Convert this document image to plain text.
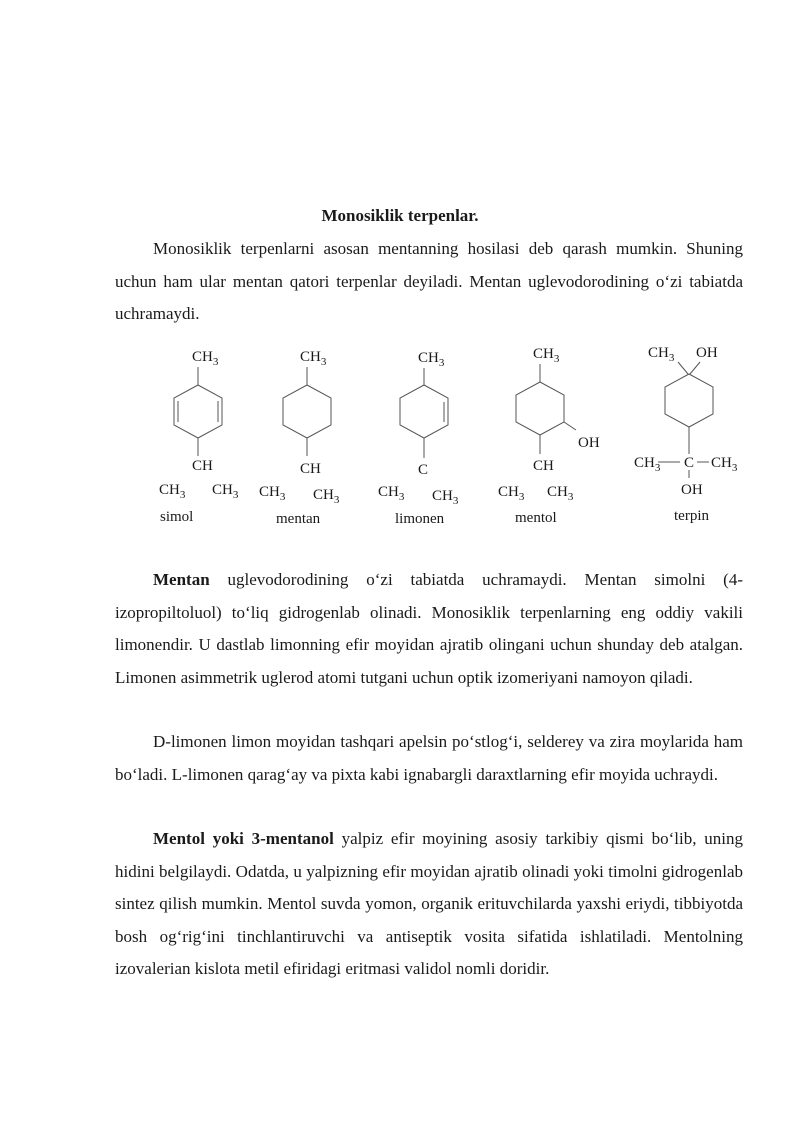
Monosiklik terpenlar.

Monosiklik terpenlarni asosan mentanning hosilasi deb qarash mumkin. Shuning uchun ham ular mentan qatori terpenlar deyiladi. Mentan uglevodorodining oʻzi tabiatda uchramaydi.

$CH_3$
CH
$CH_3$ $CH_3$
simol
$CH_3$
CH
$CH_3$ $CH_3$
mentan
$CH_3$
C
$CH_3$ $CH_3$
limonen
$CH_3$
OH
CH
$CH_3$ $CH_3$
mentol
$CH_3$ OH
$CH_3$ C $CH_3$
OH
terpin

Mentan uglevodorodining oʻzi tabiatda uchramaydi. Mentan simolni (4-izopropiltoluol) toʻliq gidrogenlab olinadi. Monosiklik terpenlarning eng oddiy vakili limonendir. U dastlab limonning efir moyidan ajratib olingani uchun shunday deb atalgan. Limonen asimmetrik uglerod atomi tutgani uchun optik izomeriyani namoyon qiladi.

D-limonen limon moyidan tashqari apelsin poʻstlogʻi, selderey va zira moylarida ham boʻladi. L-limonen qaragʻay va pixta kabi ignabargli daraxtlarning efir moyida uchraydi.

Mentol yoki 3-mentanol yalpiz efir moyining asosiy tarkibiy qismi boʻlib, uning hidini belgilaydi. Odatda, u yalpizning efir moyidan ajratib olinadi yoki timolni gidrogenlab sintez qilish mumkin. Mentol suvda yomon, organik erituvchilarda yaxshi eriydi, tibbiyotda bosh ogʻrigʻini tinchlantiruvchi va antiseptik vosita sifatida ishlatiladi. Mentolning izovalerian kislota metil efiridagi eritmasi validol nomli doridir.
